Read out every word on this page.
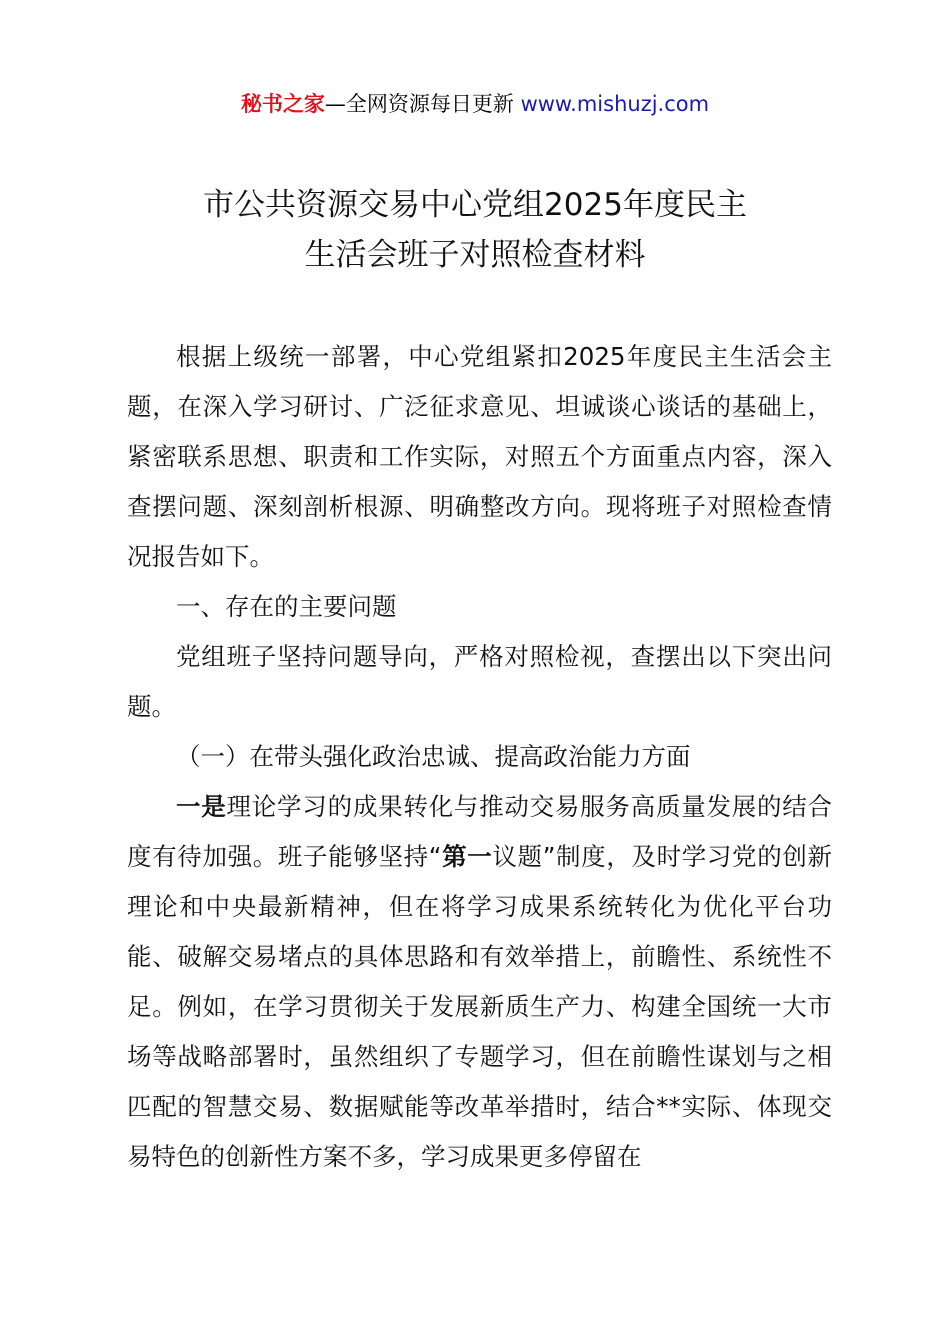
秘书之家—全网资源每日更新 www.mishuzj.com
市公共资源交易中心党组2025年度民主
生活会班子对照检查材料

根据上级统一部署，中心党组紧扣2025年度民主生活会主题，在深入学习研讨、广泛征求意见、坦诚谈心谈话的基础上，紧密联系思想、职责和工作实际，对照五个方面重点内容，深入查摆问题、深刻剖析根源、明确整改方向。现将班子对照检查情况报告如下。

一、存在的主要问题

党组班子坚持问题导向，严格对照检视，查摆出以下突出问题。

（一）在带头强化政治忠诚、提高政治能力方面

一是理论学习的成果转化与推动交易服务高质量发展的结合度有待加强。班子能够坚持“第一议题”制度，及时学习党的创新理论和中央最新精神，但在将学习成果系统转化为优化平台功能、破解交易堵点的具体思路和有效举措上，前瞻性、系统性不足。例如，在学习贯彻关于发展新质生产力、构建全国统一大市场等战略部署时，虽然组织了专题学习，但在前瞻性谋划与之相匹配的智慧交易、数据赋能等改革举措时，结合**实际、体现交易特色的创新性方案不多，学习成果更多停留在
